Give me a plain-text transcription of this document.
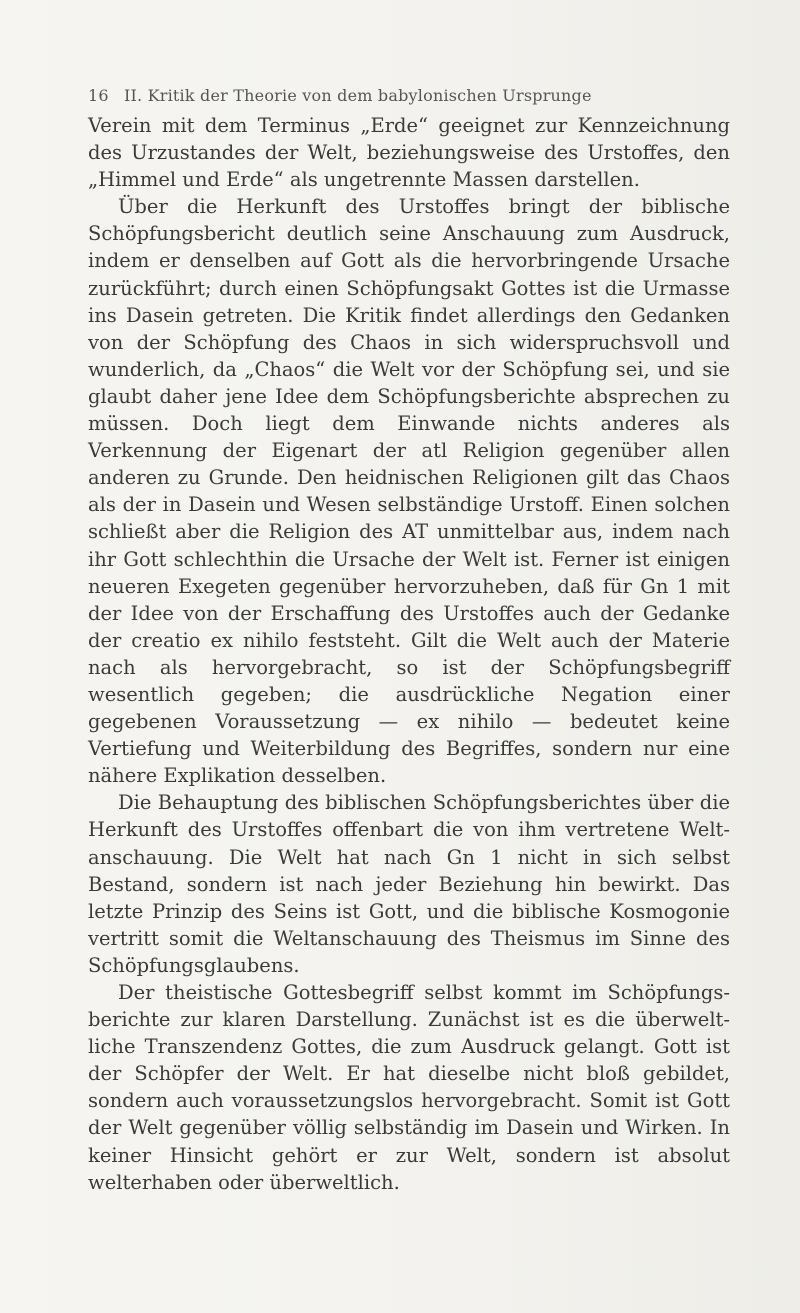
16 II. Kritik der Theorie von dem babylonischen Ursprunge

Verein mit dem Terminus „Erde“ geeignet zur Kennzeichnung des Urzustandes der Welt, beziehungsweise des Urstoffes, den „Himmel und Erde“ als ungetrennte Massen darstellen.

Über die Herkunft des Urstoffes bringt der biblische Schöpfungsbericht deutlich seine Anschauung zum Ausdruck, indem er denselben auf Gott als die hervorbringende Ursache zurückführt; durch einen Schöpfungsakt Gottes ist die Urmasse ins Dasein getreten. Die Kritik findet allerdings den Gedanken von der Schöpfung des Chaos in sich widerspruchsvoll und wunderlich, da „Chaos“ die Welt vor der Schöpfung sei, und sie glaubt daher jene Idee dem Schöpfungsberichte absprechen zu müssen. Doch liegt dem Einwande nichts anderes als Verkennung der Eigenart der atl Religion gegenüber allen anderen zu Grunde. Den heidnischen Religionen gilt das Chaos als der in Dasein und Wesen selbständige Urstoff. Einen solchen schließt aber die Religion des AT unmittelbar aus, indem nach ihr Gott schlechthin die Ursache der Welt ist. Ferner ist einigen neueren Exegeten gegenüber hervorzuheben, daß für Gn 1 mit der Idee von der Erschaffung des Urstoffes auch der Gedanke der creatio ex nihilo feststeht. Gilt die Welt auch der Materie nach als hervorgebracht, so ist der Schöpfungsbegriff wesentlich gegeben; die ausdrückliche Negation einer gegebenen Voraussetzung — ex nihilo — bedeutet keine Vertiefung und Weiterbildung des Begriffes, sondern nur eine nähere Explikation desselben.

Die Behauptung des biblischen Schöpfungsberichtes über die Herkunft des Urstoffes offenbart die von ihm vertretene Weltanschauung. Die Welt hat nach Gn 1 nicht in sich selbst Bestand, sondern ist nach jeder Beziehung hin bewirkt. Das letzte Prinzip des Seins ist Gott, und die biblische Kosmogonie vertritt somit die Weltanschauung des Theismus im Sinne des Schöpfungsglaubens.

Der theistische Gottesbegriff selbst kommt im Schöpfungsberichte zur klaren Darstellung. Zunächst ist es die überweltliche Transzendenz Gottes, die zum Ausdruck gelangt. Gott ist der Schöpfer der Welt. Er hat dieselbe nicht bloß gebildet, sondern auch voraussetzungslos hervorgebracht. Somit ist Gott der Welt gegenüber völlig selbständig im Dasein und Wirken. In keiner Hinsicht gehört er zur Welt, sondern ist absolut welterhaben oder überweltlich.
